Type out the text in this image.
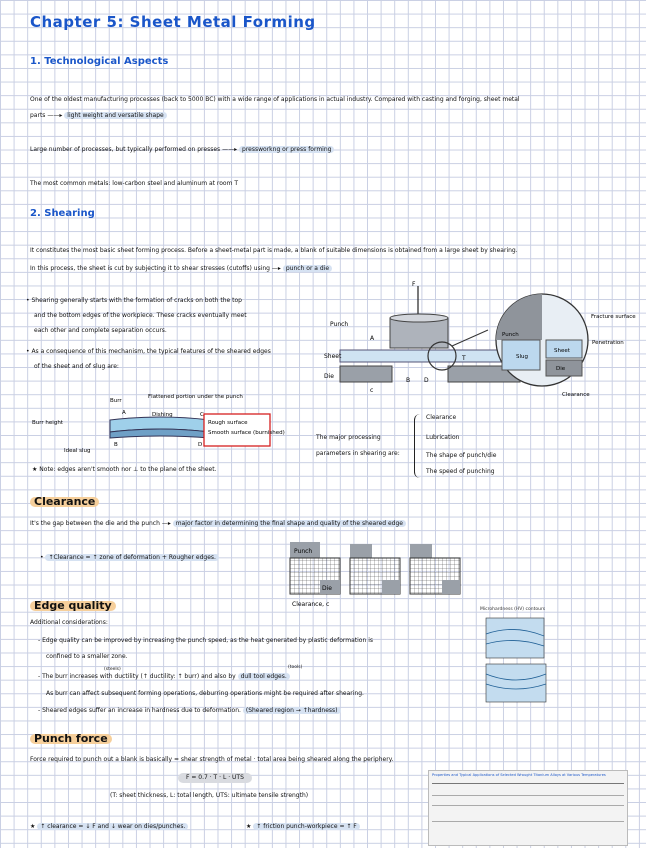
Chapter 5: Sheet Metal Forming
1. Technological Aspects
One of the oldest manufacturing processes (back to 5000 BC) with a wide range of applications in actual industry. Compared with casting and forging, sheet metal
parts ——▸ light weight and versatile shape
Large number of processes, but typically performed on presses ——▸ pressworkng or press forming
The most common metals: low-carbon steel and aluminum at room T
2. Shearing
It constitutes the most basic sheet forming process. Before a sheet-metal part is made, a blank of suitable dimensions is obtained from a large sheet by shearing.
In this process, the sheet is cut by subjecting it to shear stresses (cutoffs) using —▸ punch or a die
• Shearing generally starts with the formation of cracks on both the top
and the bottom edges of the workpiece. These cracks eventually meet
each other and complete separation occurs.
• As a consequence of this mechanism, the typical features of the sheared edges
of the sheet and of slug are:
F
Punch
A
Sheet
Die
c
B D
T
Punch
Slug
Sheet
Die
Fracture surface
Penetration
Clearance
Burr
Flattened portion under the punch
Dishing
Burr height
A	C
B	D
Ideal slug
Rough surface
Smooth surface (burnished)
The major processing
parameters in shearing are:
Clearance
Lubrication
The shape of punch/die
The speed of punching
★ Note: edges aren't smooth nor ⊥ to the plane of the sheet.
Clearance
It's the gap between the die and the punch —▸ major factor in determining the final shape and quality of the sheared edge
• ↑Clearance = ↑ zone of deformation + Rougher edges.
Punch
Die
Clearance, c
Edge quality
Additional considerations:
- Edge quality can be improved by increasing the punch speed, as the heat generated by plastic deformation is
confined to a smaller zone.
(steels)	(tools)
- The burr increases with ductility (↑ ductility: ↑ burr) and also by dull tool edges.
As burr can affect subsequent forming operations, deburring operations might be required after shearing.
- Sheared edges suffer an increase in hardness due to deformation. (Sheared region → ↑hardness)
Microhardness (HV) contours
Punch force
Force required to punch out a blank is basically = shear strength of metal · total area being sheared along the periphery.
F = 0.7 · T · L · UTS
(T: sheet thickness, L: total length, UTS: ultimate tensile strength)
★ ↑ clearance = ↓ F and ↓ wear on dies/punches.	★ ↑ friction punch-workpiece = ↑ F
Properties and Typical Applications of Selected Wrought Titanium Alloys at Various Temperatures
